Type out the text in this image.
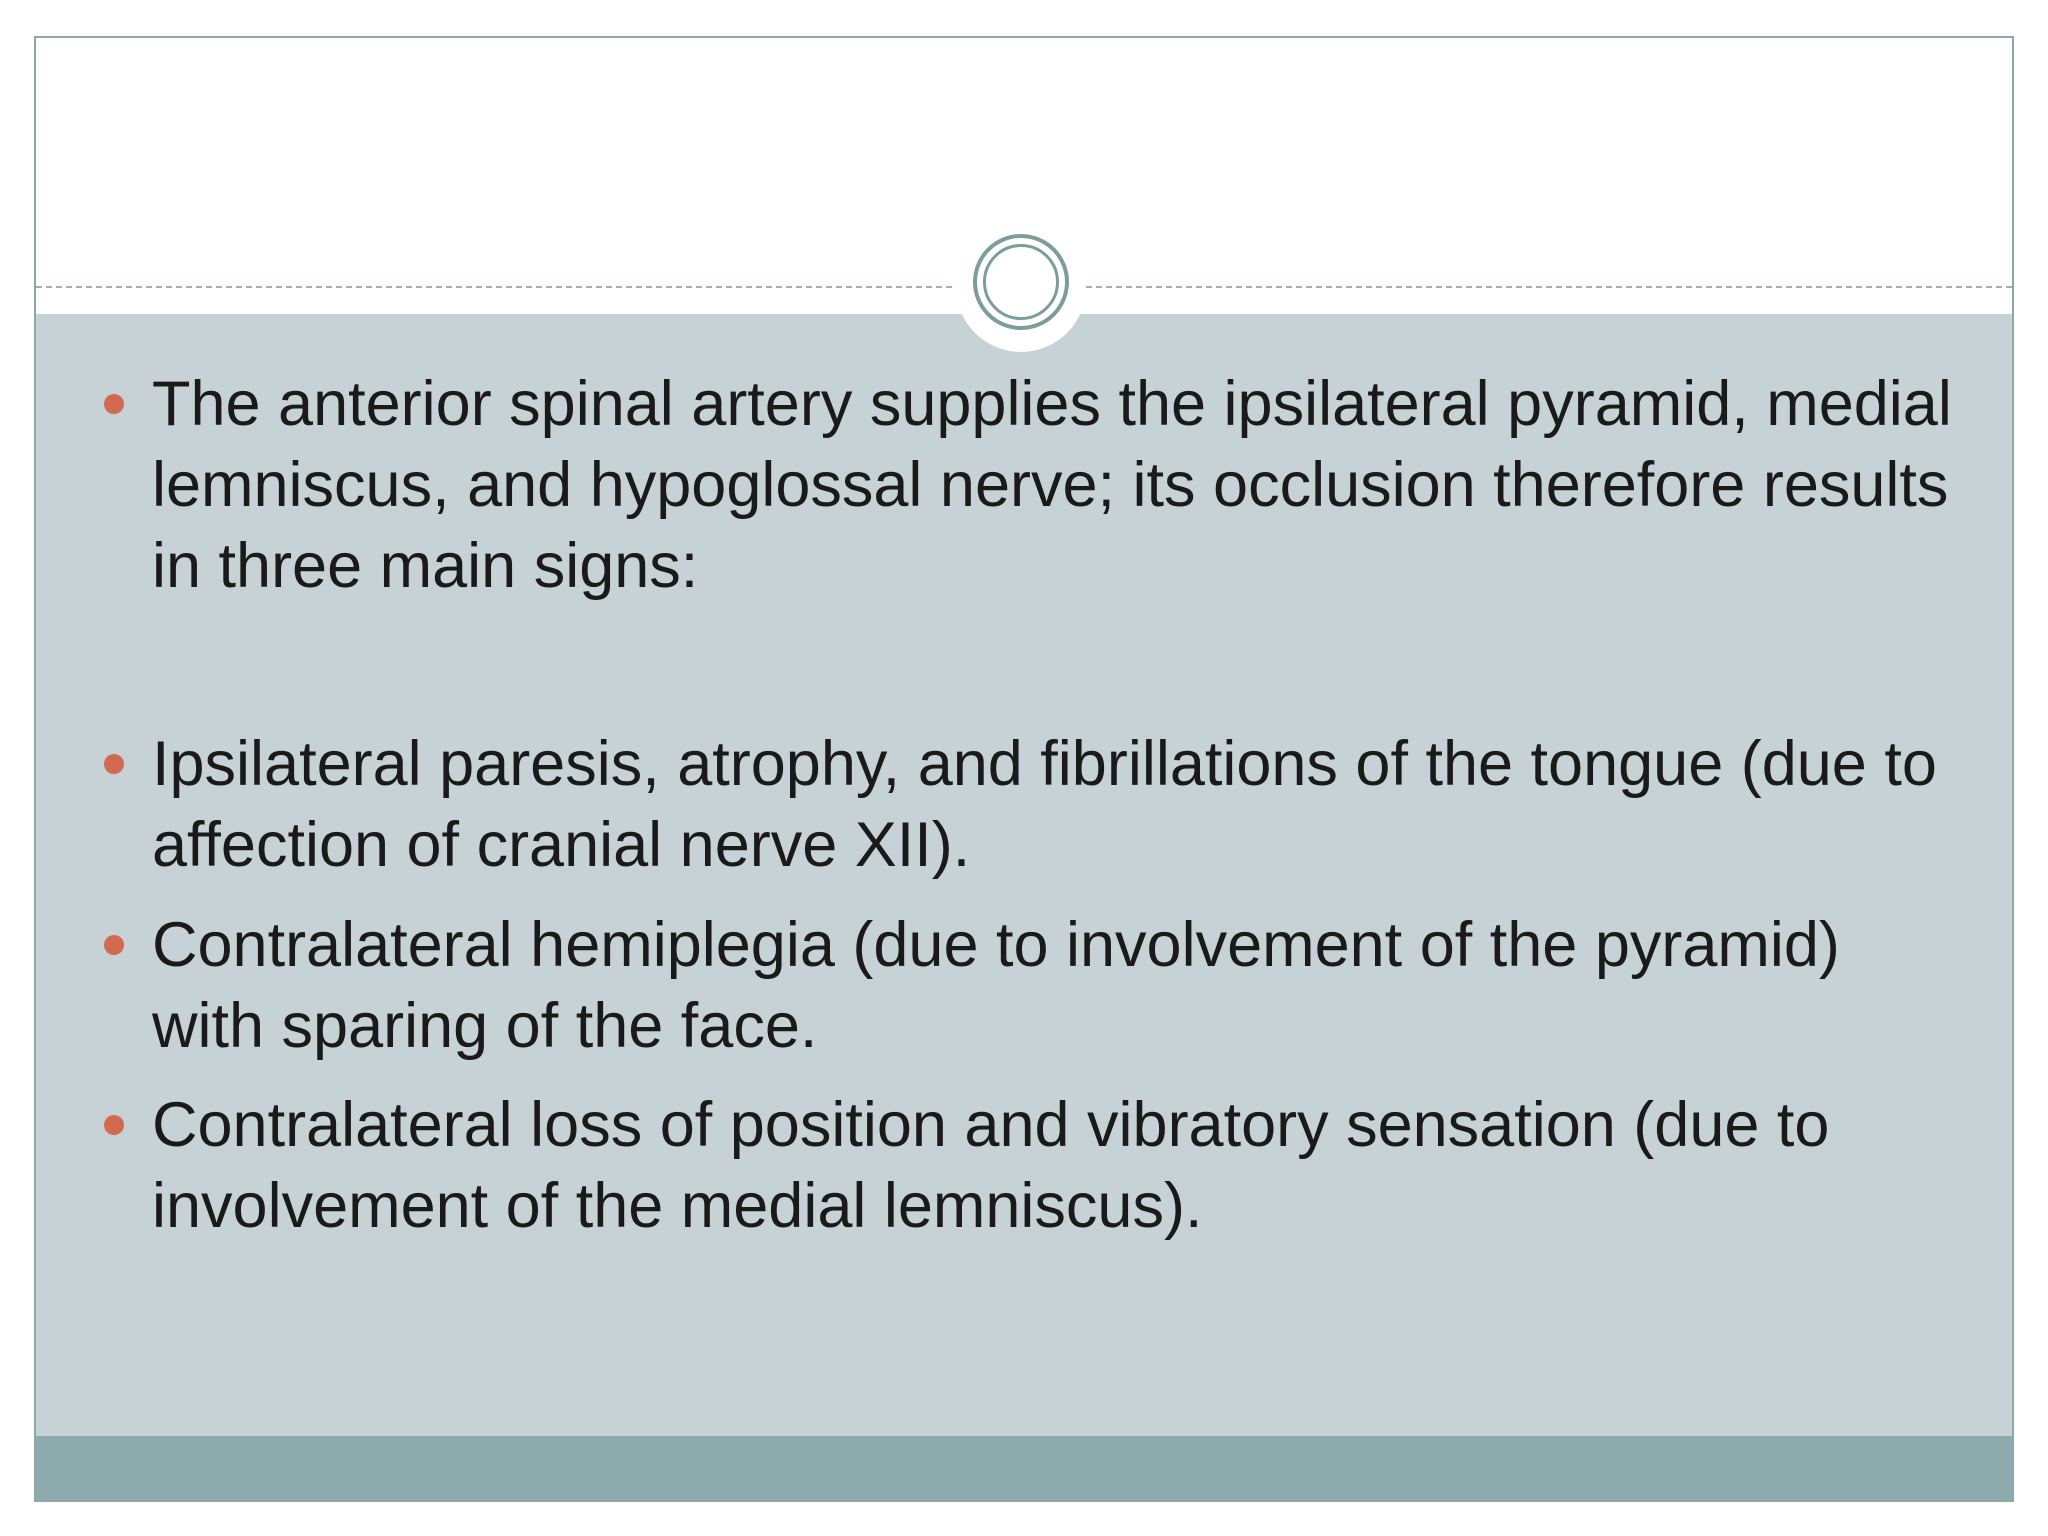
The anterior spinal artery supplies the ipsilateral pyramid, medial lemniscus, and hypoglossal nerve; its occlusion therefore results in three main signs:
Ipsilateral paresis, atrophy, and fibrillations of the tongue (due to affection of cranial nerve XII).
Contralateral hemiplegia (due to involvement of the pyramid) with sparing of the face.
Contralateral loss of position and vibratory sensation (due to involvement of the medial lemniscus).
